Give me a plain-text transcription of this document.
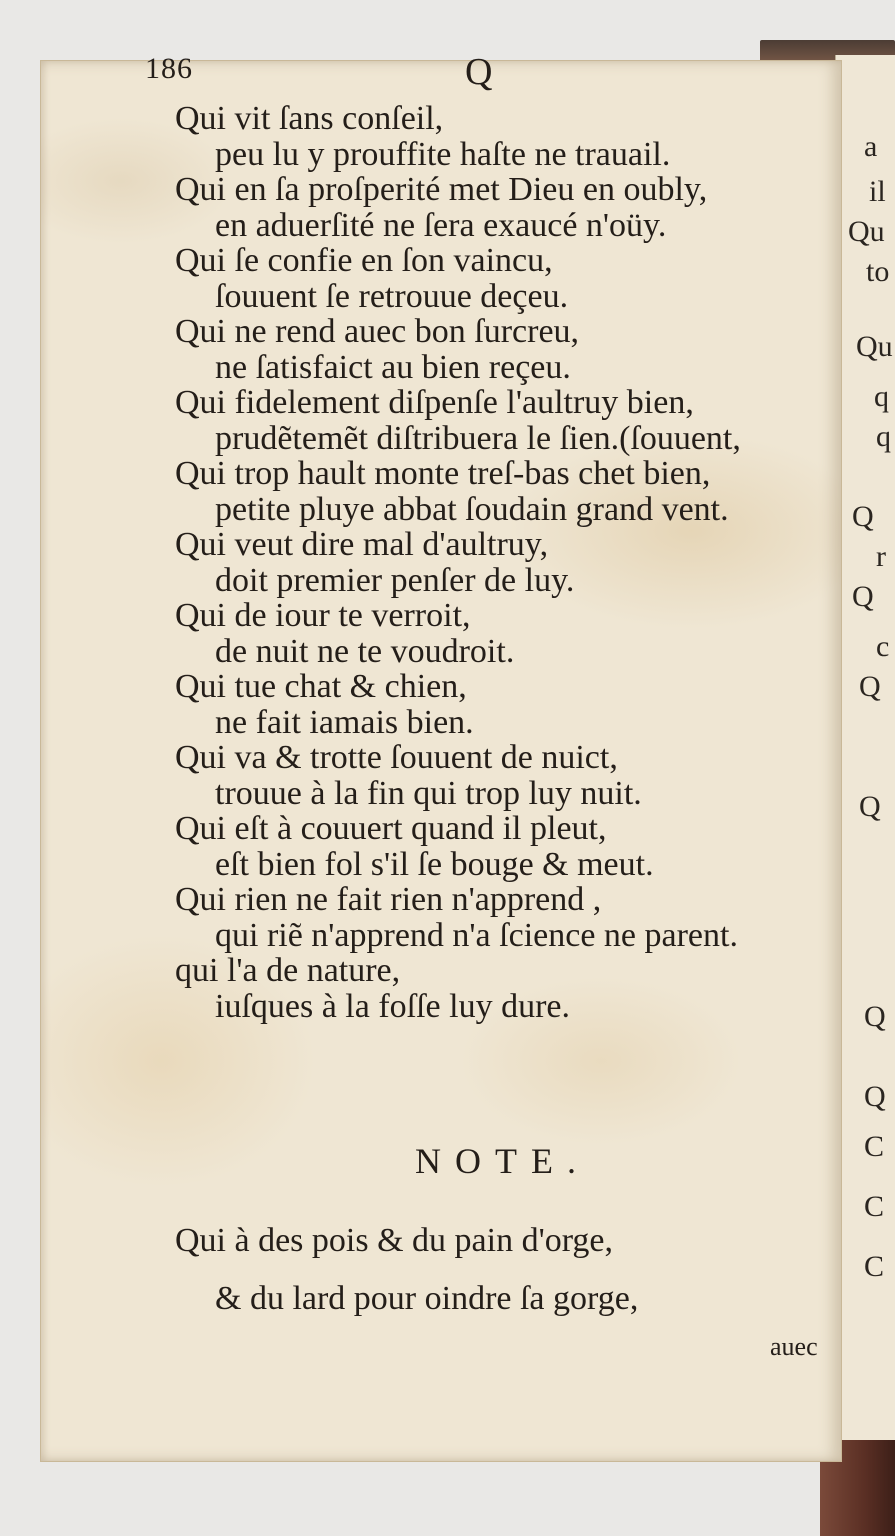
a
il
Qu
to
Qu
q
q
Q
r
Q
c
Q
Q
Q
Q
C
C
C
186	Q
Qui vit ſans conſeil,
peu lu y prouffite haſte ne trauail.
Qui en ſa proſperité met Dieu en oubly,
en aduerſité ne ſera exaucé n'oüy.
Qui ſe confie en ſon vaincu,
ſouuent ſe retrouue deçeu.
Qui ne rend auec bon ſurcreu,
ne ſatisfaict au bien reçeu.
Qui fidelement diſpenſe l'aultruy bien,
prudẽtemẽt diſtribuera le ſien.(ſouuent,
Qui trop hault monte treſ-bas chet bien,
petite pluye abbat ſoudain grand vent.
Qui veut dire mal d'aultruy,
doit premier penſer de luy.
Qui de iour te verroit,
de nuit ne te voudroit.
Qui tue chat & chien,
ne fait iamais bien.
Qui va & trotte ſouuent de nuict,
trouue à la fin qui trop luy nuit.
Qui eſt à couuert quand il pleut,
eſt bien fol s'il ſe bouge & meut.
Qui rien ne fait rien n'apprend ,
qui riẽ n'apprend n'a ſcience ne parent.
qui l'a de nature,
iuſques à la foſſe luy dure.
NOTE.
Qui à des pois & du pain d'orge,
& du lard pour oindre ſa gorge,
auec
